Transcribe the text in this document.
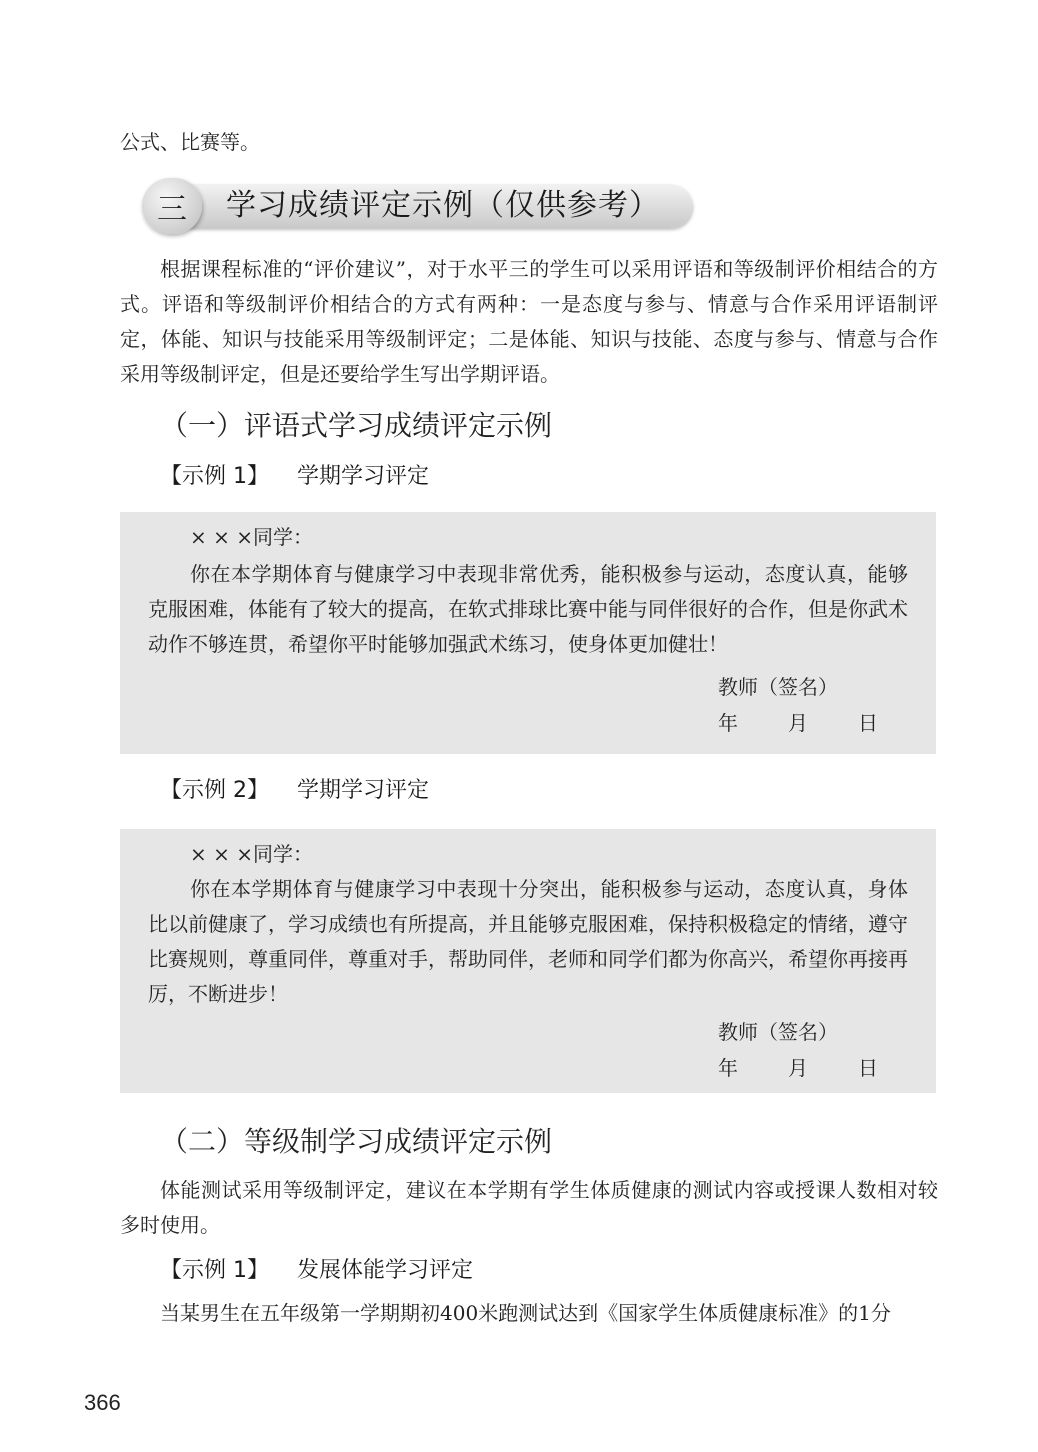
公式、比赛等。

三	学习成绩评定示例（仅供参考）

根据课程标准的“评价建议”，对于水平三的学生可以采用评语和等级制评价相结合的方式。评语和等级制评价相结合的方式有两种：一是态度与参与、情意与合作采用评语制评定，体能、知识与技能采用等级制评定；二是体能、知识与技能、态度与参与、情意与合作采用等级制评定，但是还要给学生写出学期评语。

（一）评语式学习成绩评定示例
【示例 1】 学期学习评定
× × ×同学：

你在本学期体育与健康学习中表现非常优秀，能积极参与运动，态度认真，能够克服困难，体能有了较大的提高，在软式排球比赛中能与同伴很好的合作，但是你武术动作不够连贯，希望你平时能够加强武术练习，使身体更加健壮！

教师（签名）
年	月	日
【示例 2】 学期学习评定
× × ×同学：

你在本学期体育与健康学习中表现十分突出，能积极参与运动，态度认真，身体比以前健康了，学习成绩也有所提高，并且能够克服困难，保持积极稳定的情绪，遵守比赛规则，尊重同伴，尊重对手，帮助同伴，老师和同学们都为你高兴，希望你再接再厉，不断进步！

教师（签名）
年	月	日
（二）等级制学习成绩评定示例

体能测试采用等级制评定，建议在本学期有学生体质健康的测试内容或授课人数相对较多时使用。

【示例 1】 发展体能学习评定

当某男生在五年级第一学期期初400米跑测试达到《国家学生体质健康标准》的1分

366
